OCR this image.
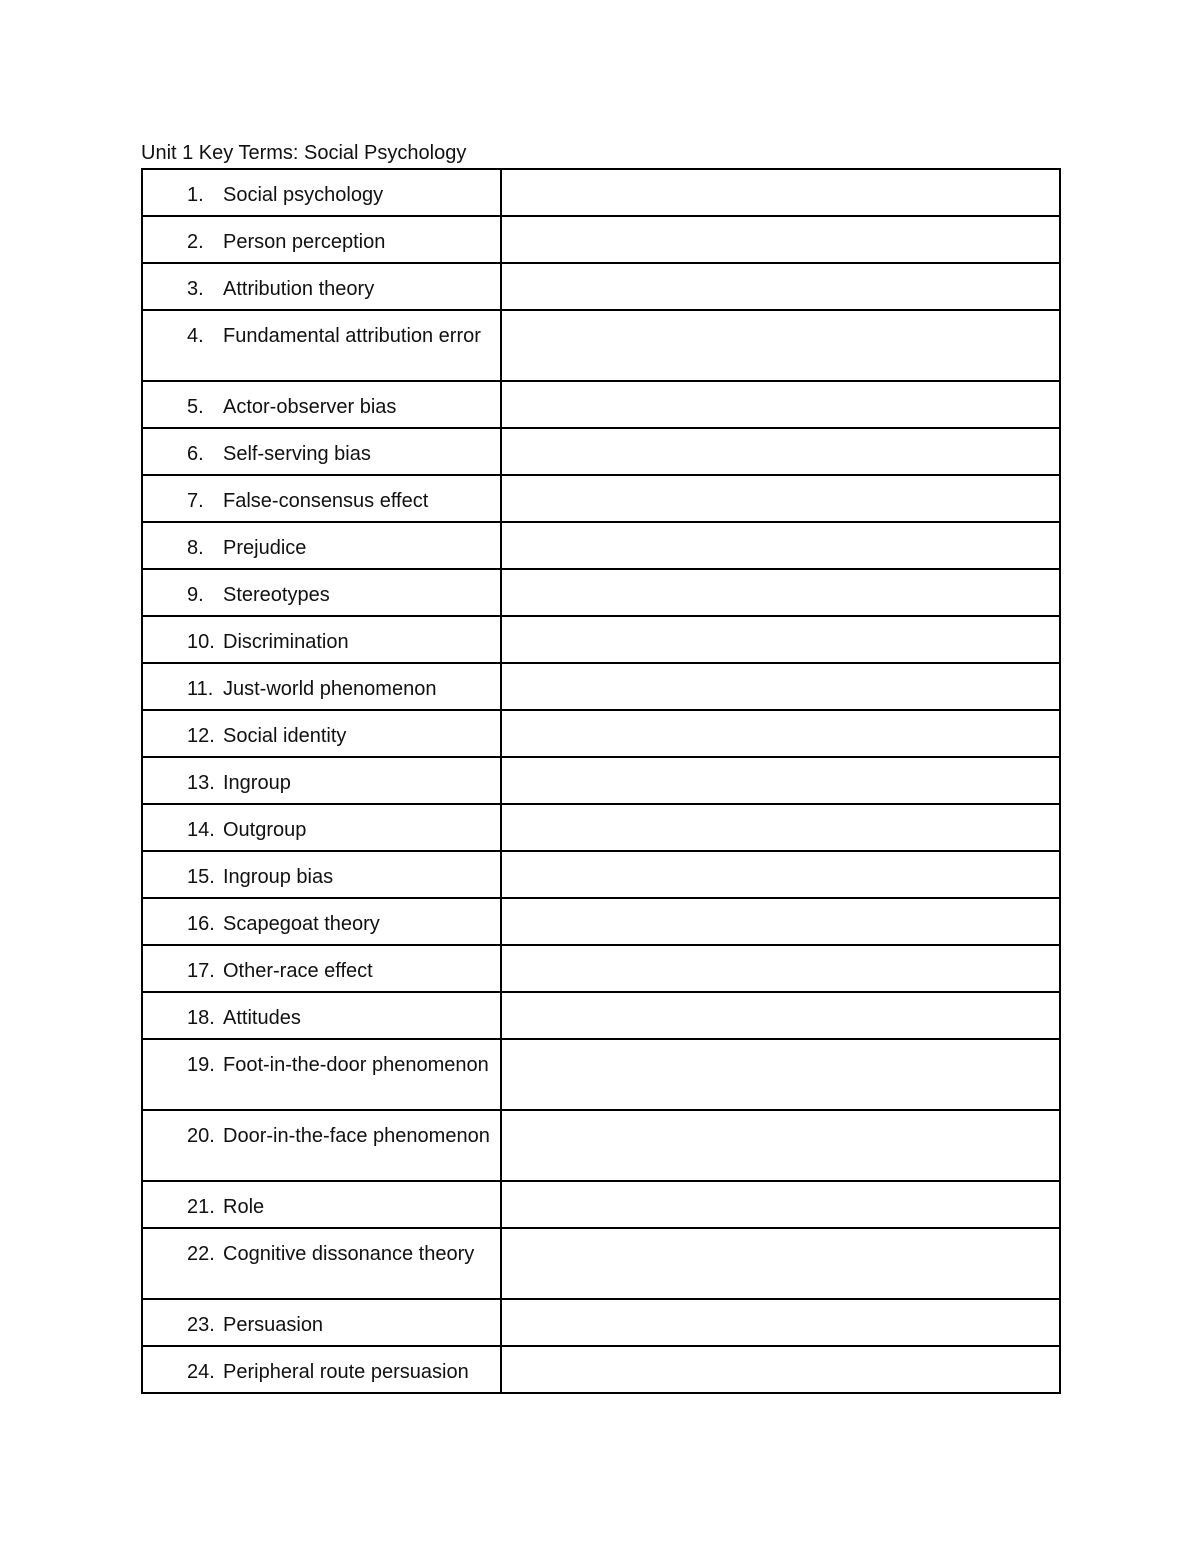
Unit 1 Key Terms: Social Psychology
1. Social psychology	

2. Person perception	

3. Attribution theory	

4. Fundamental attribution error	

5. Actor-observer bias	

6. Self-serving bias	

7. False-consensus effect	

8. Prejudice	

9. Stereotypes	

10. Discrimination	

11. Just-world phenomenon	

12. Social identity	

13. Ingroup	

14. Outgroup	

15. Ingroup bias	

16. Scapegoat theory	

17. Other-race effect	

18. Attitudes	

19. Foot-in-the-door phenomenon	

20. Door-in-the-face phenomenon	

21. Role	

22. Cognitive dissonance theory	

23. Persuasion	

24. Peripheral route persuasion	
